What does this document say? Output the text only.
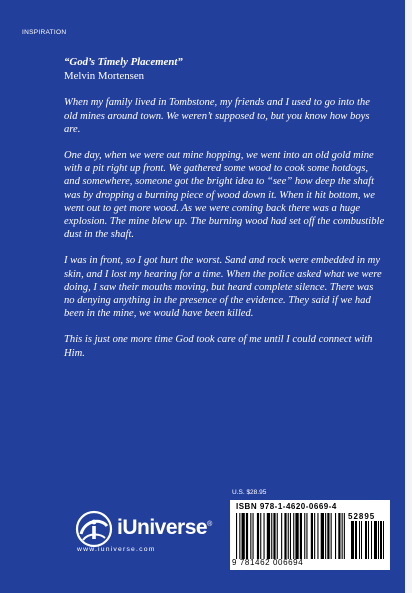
INSPIRATION
“God’s Timely Placement”
Melvin Mortensen

When my family lived in Tombstone, my friends and I used to go into the old mines around town. We weren’t supposed to, but you know how boys are.

One day, when we were out mine hopping, we went into an old gold mine with a pit right up front. We gathered some wood to cook some hotdogs, and somewhere, someone got the bright idea to “see” how deep the shaft was by dropping a burning piece of wood down it. When it hit bottom, we went out to get more wood. As we were coming back there was a huge explosion. The mine blew up. The burning wood had set off the combustible dust in the shaft.

I was in front, so I got hurt the worst. Sand and rock were embedded in my skin, and I lost my hearing for a time. When the police asked what we were doing, I saw their mouths moving, but heard complete silence. There was no denying anything in the presence of the evidence. They said if we had been in the mine, we would have been killed.

This is just one more time God took care of me until I could connect with Him.

U.S. $28.95
iUniverse®
www.iuniverse.com
ISBN 978-1-4620-0669-4
52895
9 781462 006694
